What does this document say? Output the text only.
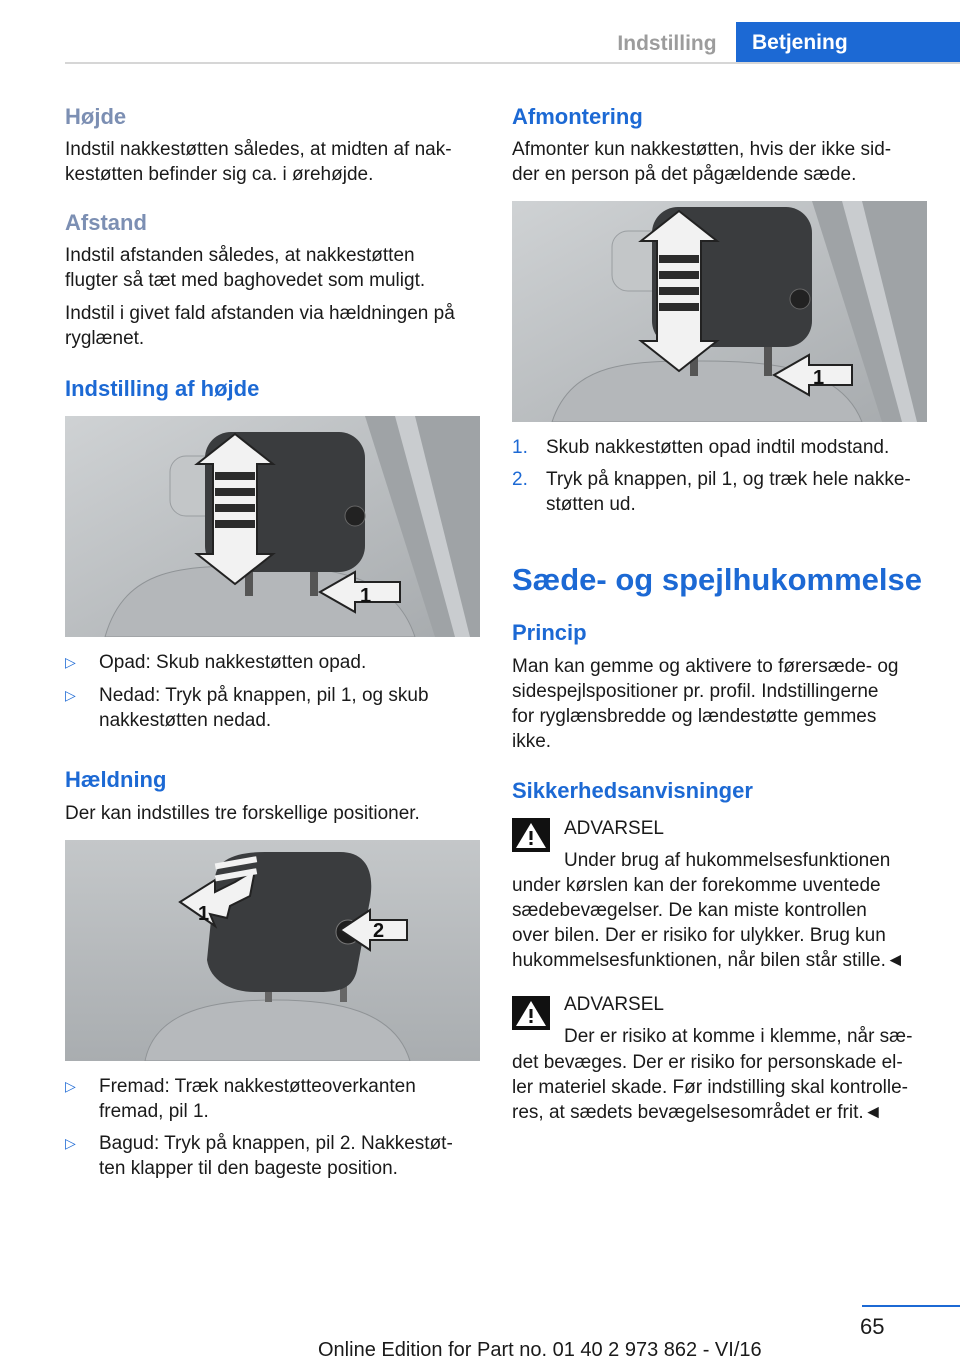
Indstilling	Betjening
Højde
Indstil nakkestøtten således, at midten af nak-
kestøtten befinder sig ca. i ørehøjde.
Afstand
Indstil afstanden således, at nakkestøtten
flugter så tæt med baghovedet som muligt.
Indstil i givet fald afstanden via hældningen på
ryglænet.
Indstilling af højde
1
▷ Opad: Skub nakkestøtten opad.
▷ Nedad: Tryk på knappen, pil 1, og skub
nakkestøtten nedad.
Hældning
Der kan indstilles tre forskellige positioner.
1
2
▷ Fremad: Træk nakkestøtteoverkanten
fremad, pil 1.
▷ Bagud: Tryk på knappen, pil 2. Nakkestøt-
ten klapper til den bageste position.
Afmontering
Afmonter kun nakkestøtten, hvis der ikke sid-
der en person på det pågældende sæde.
1
1. Skub nakkestøtten opad indtil modstand.
2. Tryk på knappen, pil 1, og træk hele nakke-
støtten ud.
Sæde- og spejlhukommelse
Princip
Man kan gemme og aktivere to førersæde- og
sidespejlspositioner pr. profil. Indstillingerne
for ryglænsbredde og lændestøtte gemmes
ikke.
Sikkerhedsanvisninger
ADVARSEL
Under brug af hukommelsesfunktionen
under kørslen kan der forekomme uventede
sædebevægelser. De kan miste kontrollen
over bilen. Der er risiko for ulykker. Brug kun
hukommelsesfunktionen, når bilen står stille.◄
ADVARSEL
Der er risiko at komme i klemme, når sæ-
det bevæges. Der er risiko for personskade el-
ler materiel skade. Før indstilling skal kontrolle-
res, at sædets bevægelsesområdet er frit.◄
65
Online Edition for Part no. 01 40 2 973 862 - VI/16
